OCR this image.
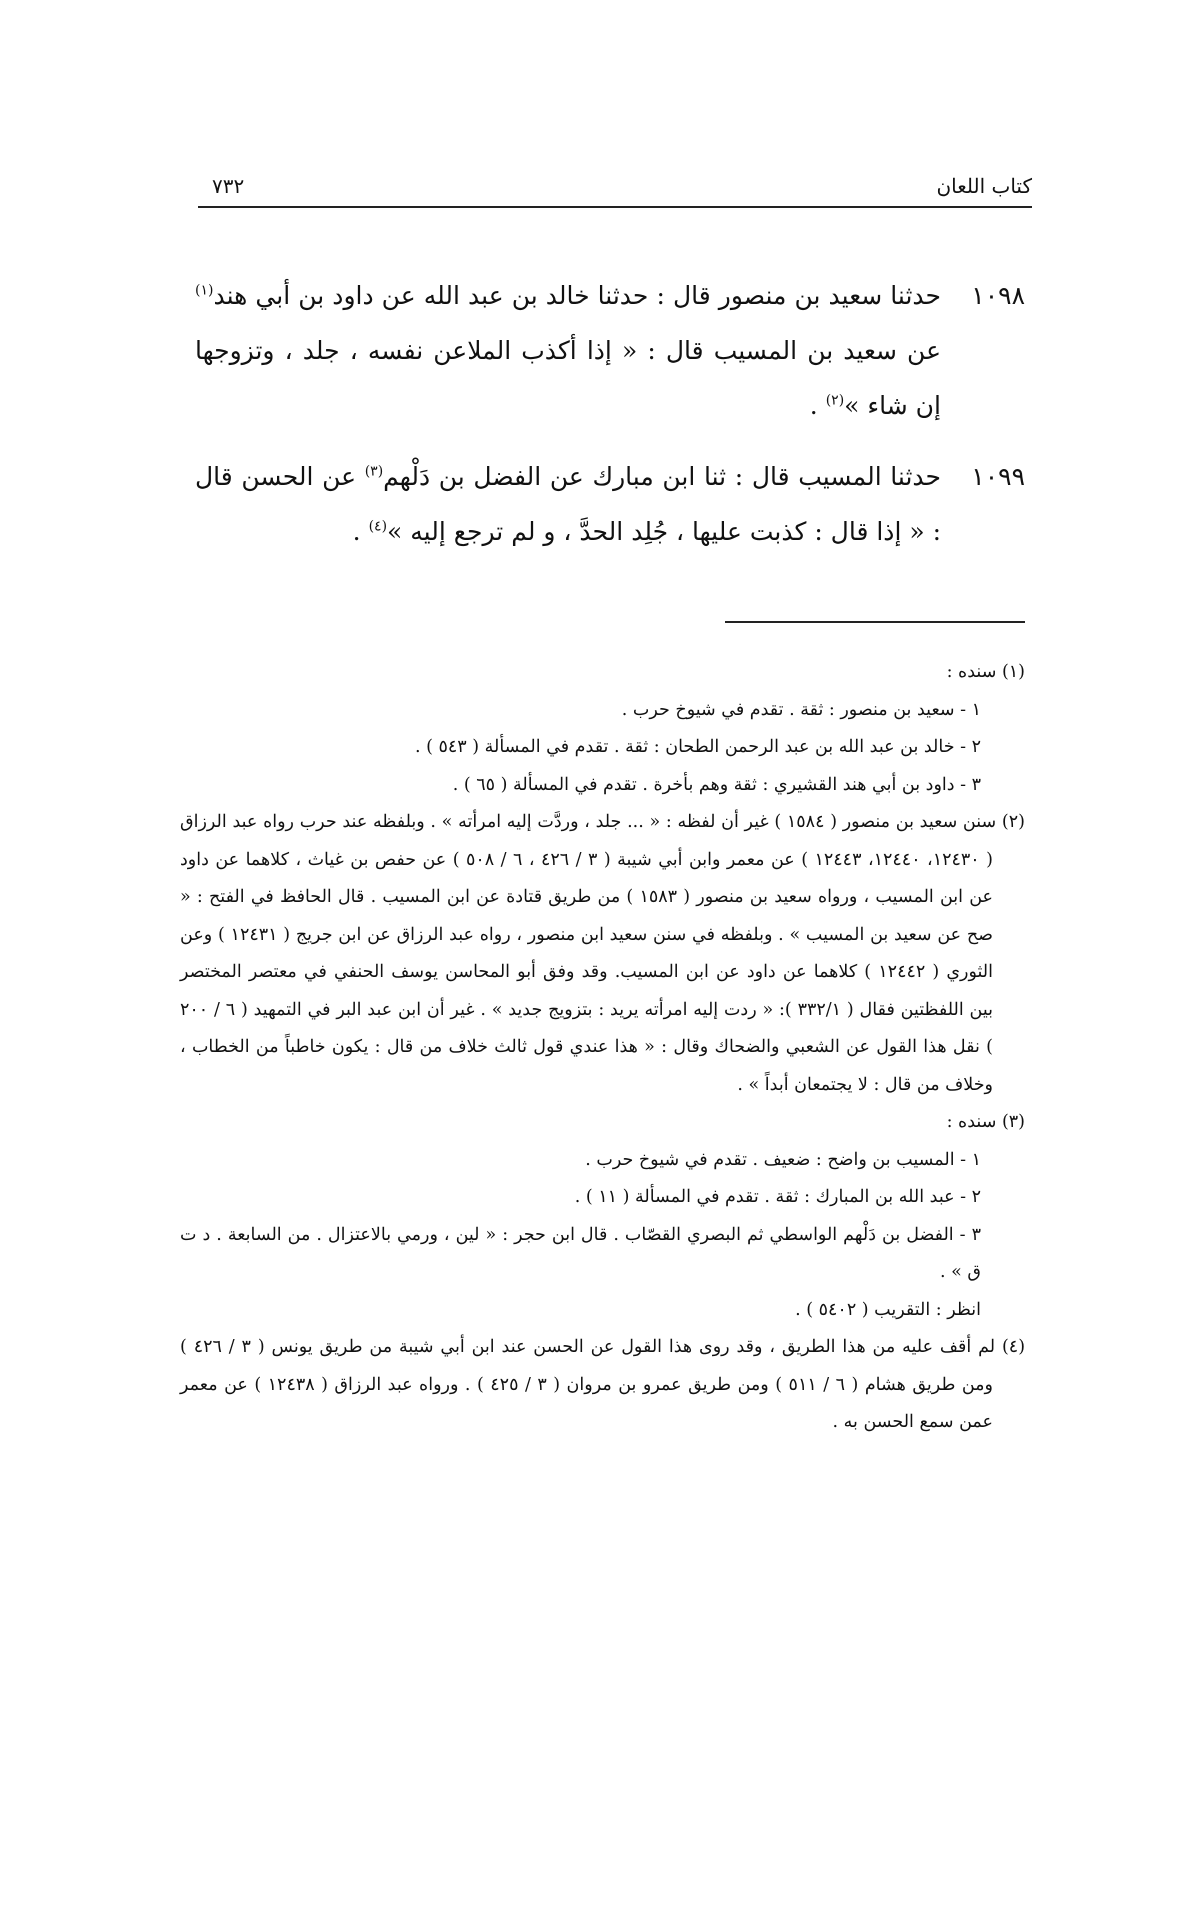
كتاب اللعان
٧٣٢
١٠٩٨
حدثنا سعيد بن منصور قال : حدثنا خالد بن عبد الله عن داود بن أبي هند$^{(١)}$ عن سعيد بن المسيب قال : « إذا أكذب الملاعن نفسه ، جلد ، وتزوجها إن شاء »$^{(٢)}$ .
١٠٩٩
حدثنا المسيب قال : ثنا ابن مبارك عن الفضل بن دَلْهم$^{(٣)}$ عن الحسن قال : « إذا قال : كذبت عليها ، جُلِد الحدَّ ، و لم ترجع إليه »$^{(٤)}$ .
(١) سنده :
١ - سعيد بن منصور : ثقة . تقدم في شيوخ حرب .
٢ - خالد بن عبد الله بن عبد الرحمن الطحان : ثقة . تقدم في المسألة ( ٥٤٣ ) .
٣ - داود بن أبي هند القشيري : ثقة وهم بأخرة . تقدم في المسألة ( ٦٥ ) .
(٢) سنن سعيد بن منصور ( ١٥٨٤ ) غير أن لفظه : « ... جلد ، وردَّت إليه امرأته » . وبلفظه عند حرب رواه عبد الرزاق ( ١٢٤٣٠، ١٢٤٤٠، ١٢٤٤٣ ) عن معمر وابن أبي شيبة ( ٣ / ٤٢٦ ، ٦ / ٥٠٨ ) عن حفص بن غياث ، كلاهما عن داود عن ابن المسيب ، ورواه سعيد بن منصور ( ١٥٨٣ ) من طريق قتادة عن ابن المسيب . قال الحافظ في الفتح : « صح عن سعيد بن المسيب » . وبلفظه في سنن سعيد ابن منصور ، رواه عبد الرزاق عن ابن جريج ( ١٢٤٣١ ) وعن الثوري ( ١٢٤٤٢ ) كلاهما عن داود عن ابن المسيب. وقد وفق أبو المحاسن يوسف الحنفي في معتصر المختصر بين اللفظتين فقال ( ٣٣٢/١ ): « ردت إليه امرأته يريد : بتزويج جديد » . غير أن ابن عبد البر في التمهيد ( ٦ / ٢٠٠ ) نقل هذا القول عن الشعبي والضحاك وقال : « هذا عندي قول ثالث خلاف من قال : يكون خاطباً من الخطاب ، وخلاف من قال : لا يجتمعان أبداً » .
(٣) سنده :
١ - المسيب بن واضح : ضعيف . تقدم في شيوخ حرب .
٢ - عبد الله بن المبارك : ثقة . تقدم في المسألة ( ١١ ) .
٣ - الفضل بن دَلْهم الواسطي ثم البصري القصّاب . قال ابن حجر : « لين ، ورمي بالاعتزال . من السابعة . د ت ق » .
انظر : التقريب ( ٥٤٠٢ ) .
(٤) لم أقف عليه من هذا الطريق ، وقد روى هذا القول عن الحسن عند ابن أبي شيبة من طريق يونس ( ٣ / ٤٢٦ ) ومن طريق هشام ( ٦ / ٥١١ ) ومن طريق عمرو بن مروان ( ٣ / ٤٢٥ ) . ورواه عبد الرزاق ( ١٢٤٣٨ ) عن معمر عمن سمع الحسن به .
